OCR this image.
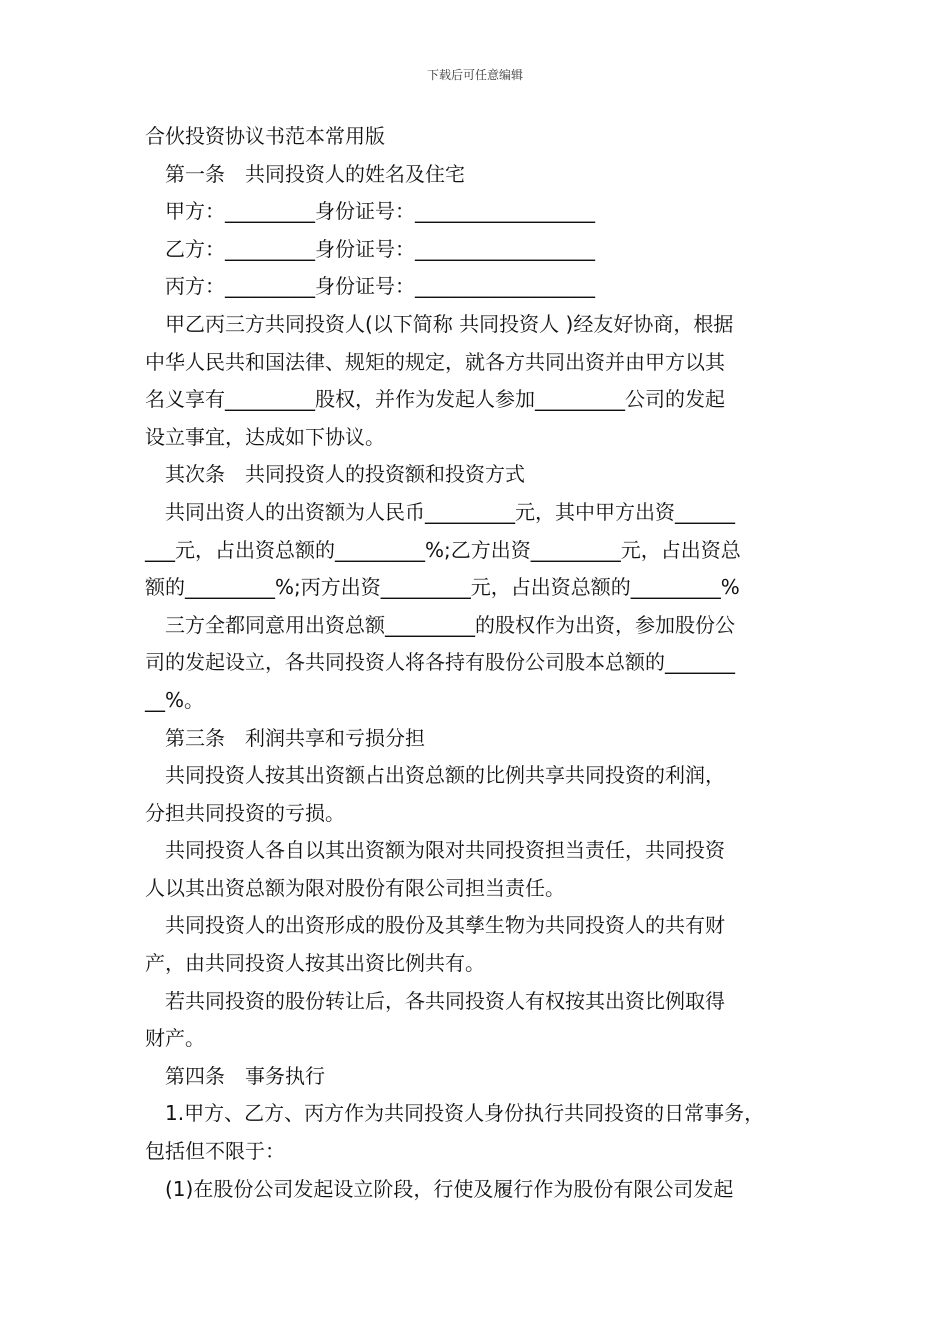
下载后可任意编辑
合伙投资协议书范本常用版
第一条　共同投资人的姓名及住宅
甲方：_________身份证号：__________________
乙方：_________身份证号：__________________
丙方：_________身份证号：__________________
甲乙丙三方共同投资人(以下简称 共同投资人 )经友好协商，根据
中华人民共和国法律、规矩的规定，就各方共同出资并由甲方以其
名义享有_________股权，并作为发起人参加_________公司的发起
设立事宜，达成如下协议。
其次条　共同投资人的投资额和投资方式
共同出资人的出资额为人民币_________元，其中甲方出资______
___元，占出资总额的_________%;乙方出资_________元，占出资总
额的_________%;丙方出资_________元，占出资总额的_________%
三方全都同意用出资总额_________的股权作为出资，参加股份公
司的发起设立，各共同投资人将各持有股份公司股本总额的_______
__%。
第三条　利润共享和亏损分担
共同投资人按其出资额占出资总额的比例共享共同投资的利润，
分担共同投资的亏损。
共同投资人各自以其出资额为限对共同投资担当责任，共同投资
人以其出资总额为限对股份有限公司担当责任。
共同投资人的出资形成的股份及其孳生物为共同投资人的共有财
产，由共同投资人按其出资比例共有。
若共同投资的股份转让后，各共同投资人有权按其出资比例取得
财产。
第四条　事务执行
1.甲方、乙方、丙方作为共同投资人身份执行共同投资的日常事务，
包括但不限于：
(1)在股份公司发起设立阶段，行使及履行作为股份有限公司发起
